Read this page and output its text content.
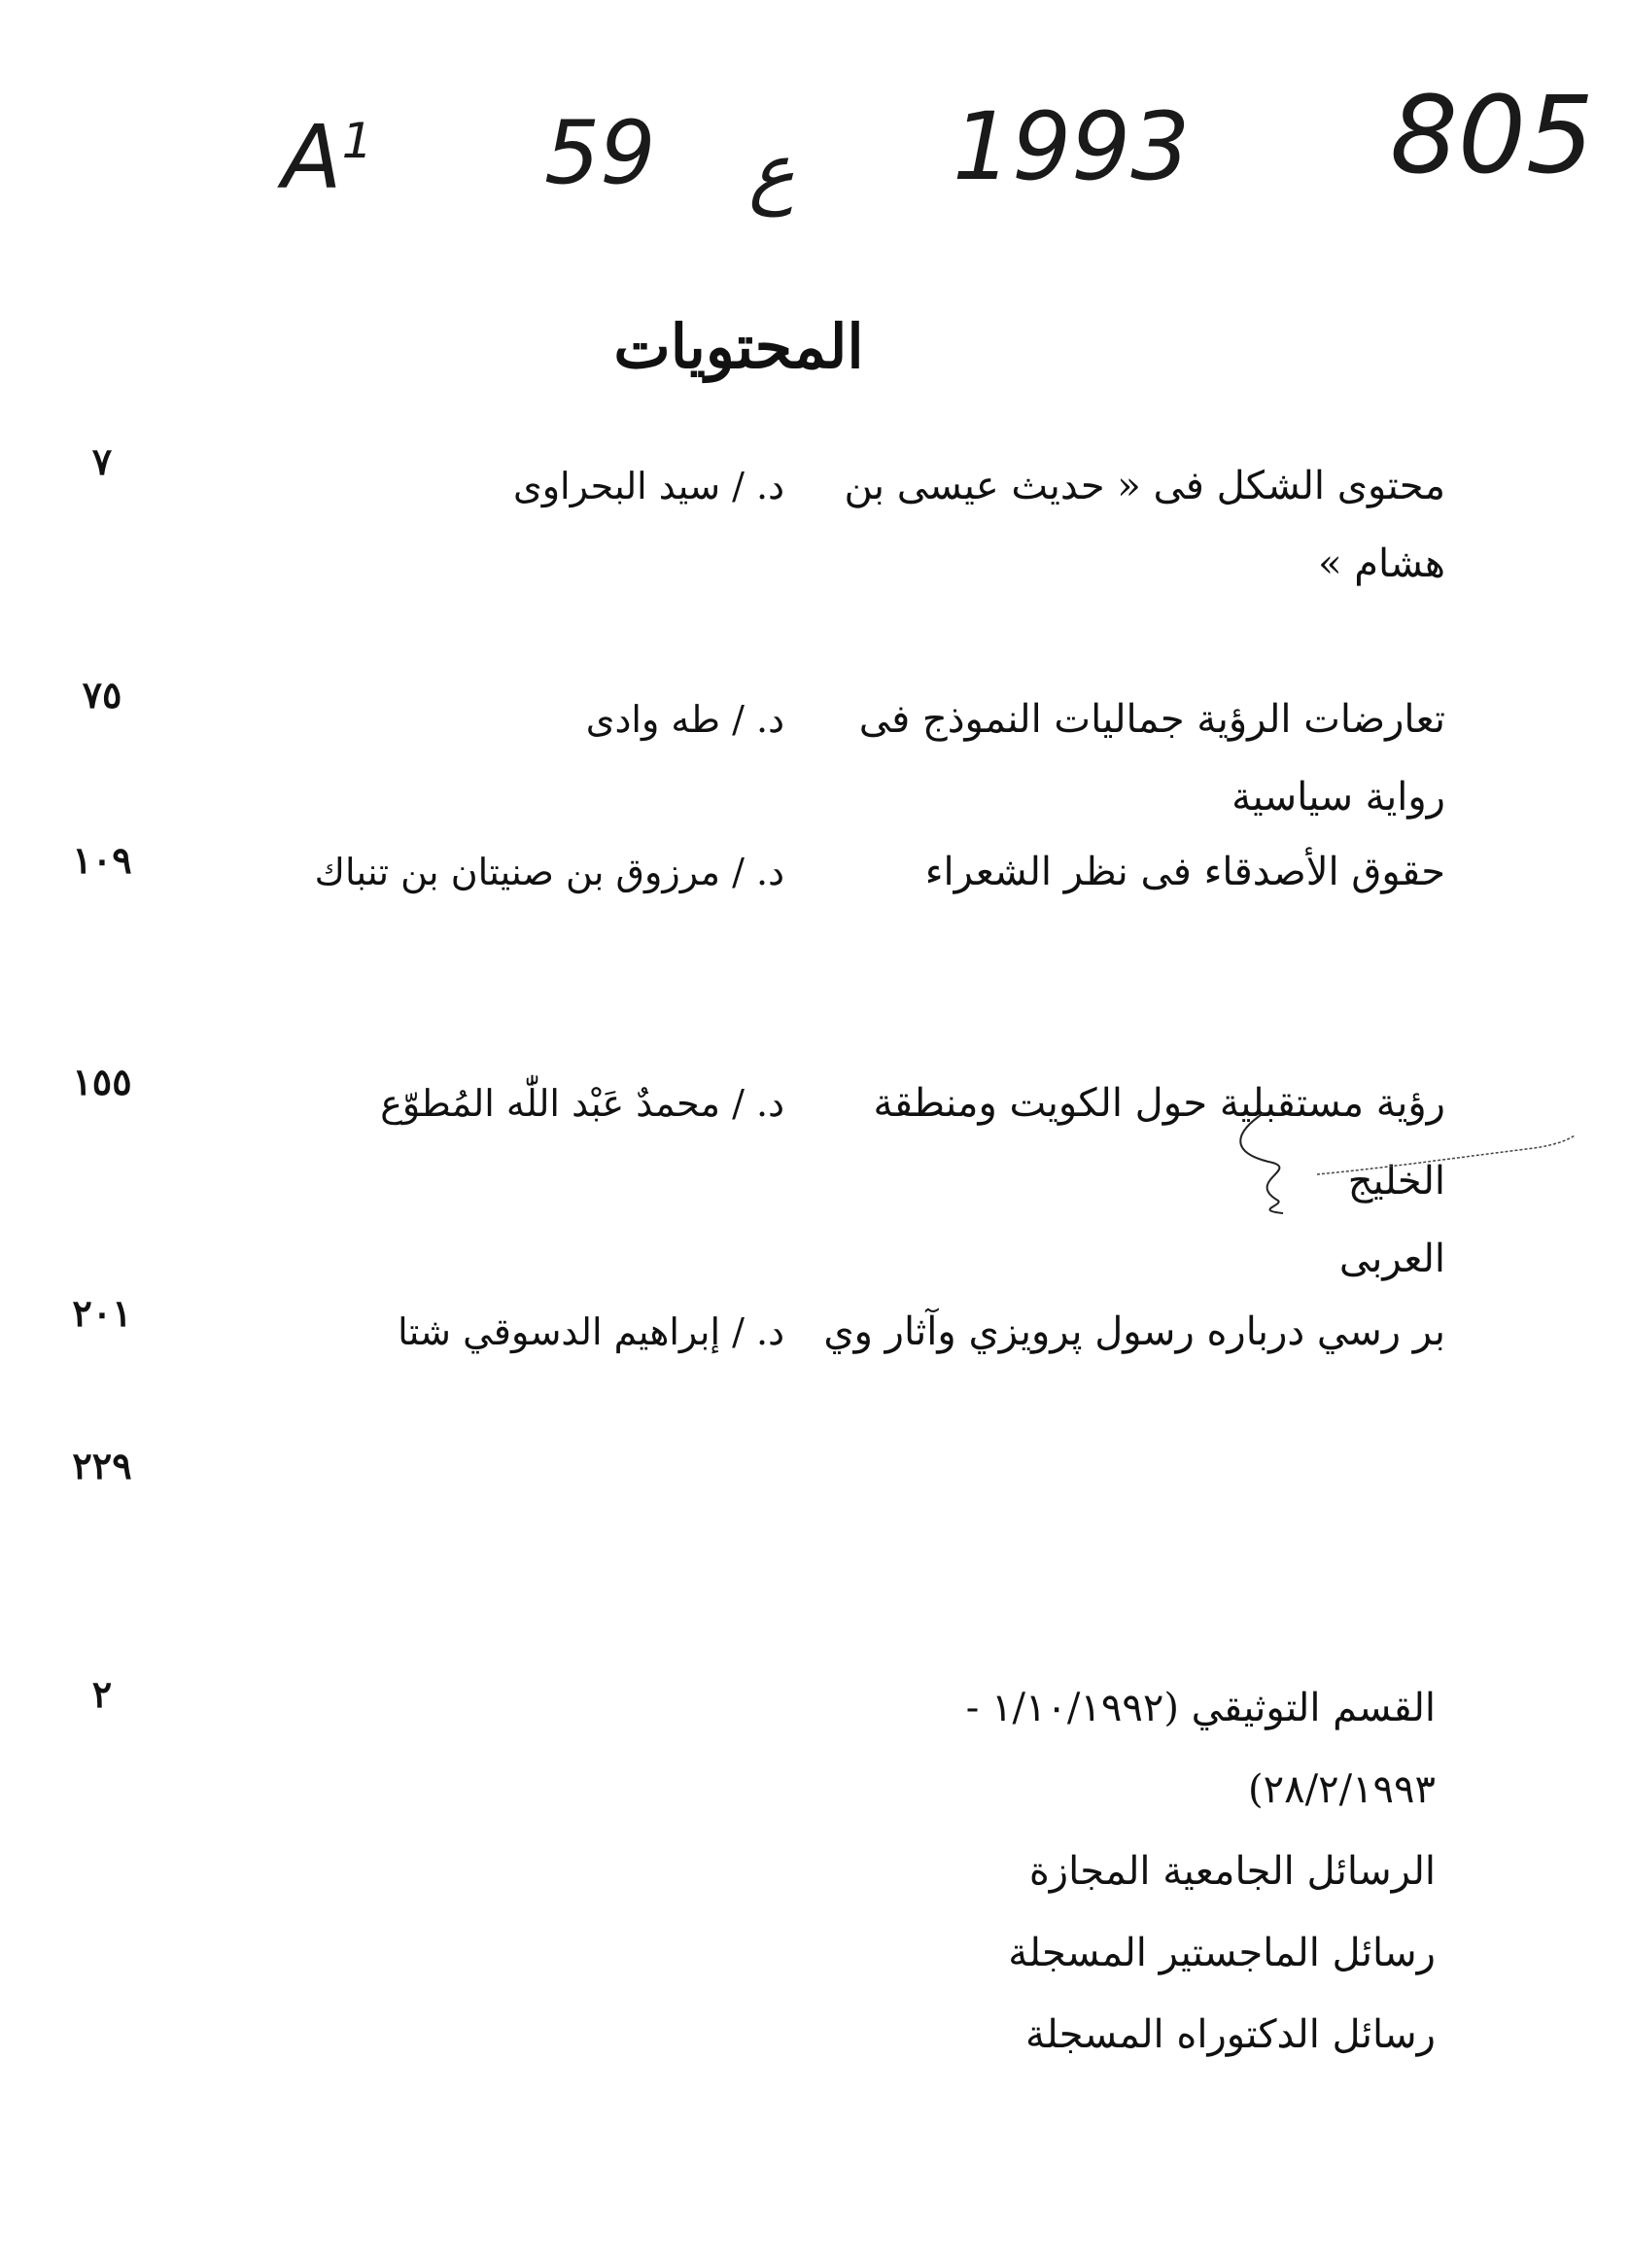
$A^1$ 59 ع 1993 805
المحتويات
محتوى الشكل فى « حديث عيسى بن
هشام »
د. / سيد البحراوى
٧
تعارضات الرؤية جماليات النموذج فى
رواية سياسية
د. / طه وادى
٧٥
حقوق الأصدقاء فى نظر الشعراء
د. / مرزوق بن صنيتان بن تنباك
١٠٩
رؤية مستقبلية حول الكويت ومنطقة الخليج
العربى
د. / محمدٌ عَبْد اللّٰه المُطوّع
١٥٥
بر رسي درباره رسول پرويزي وآثار وي
د. / إبراهيم الدسوقي شتا
٢٠١
٢٢٩
القسم التوثيقي (١/١٠/١٩٩٢ -
٢٨/٢/١٩٩٣)
الرسائل الجامعية المجازة
رسائل الماجستير المسجلة
رسائل الدكتوراه المسجلة
٢
